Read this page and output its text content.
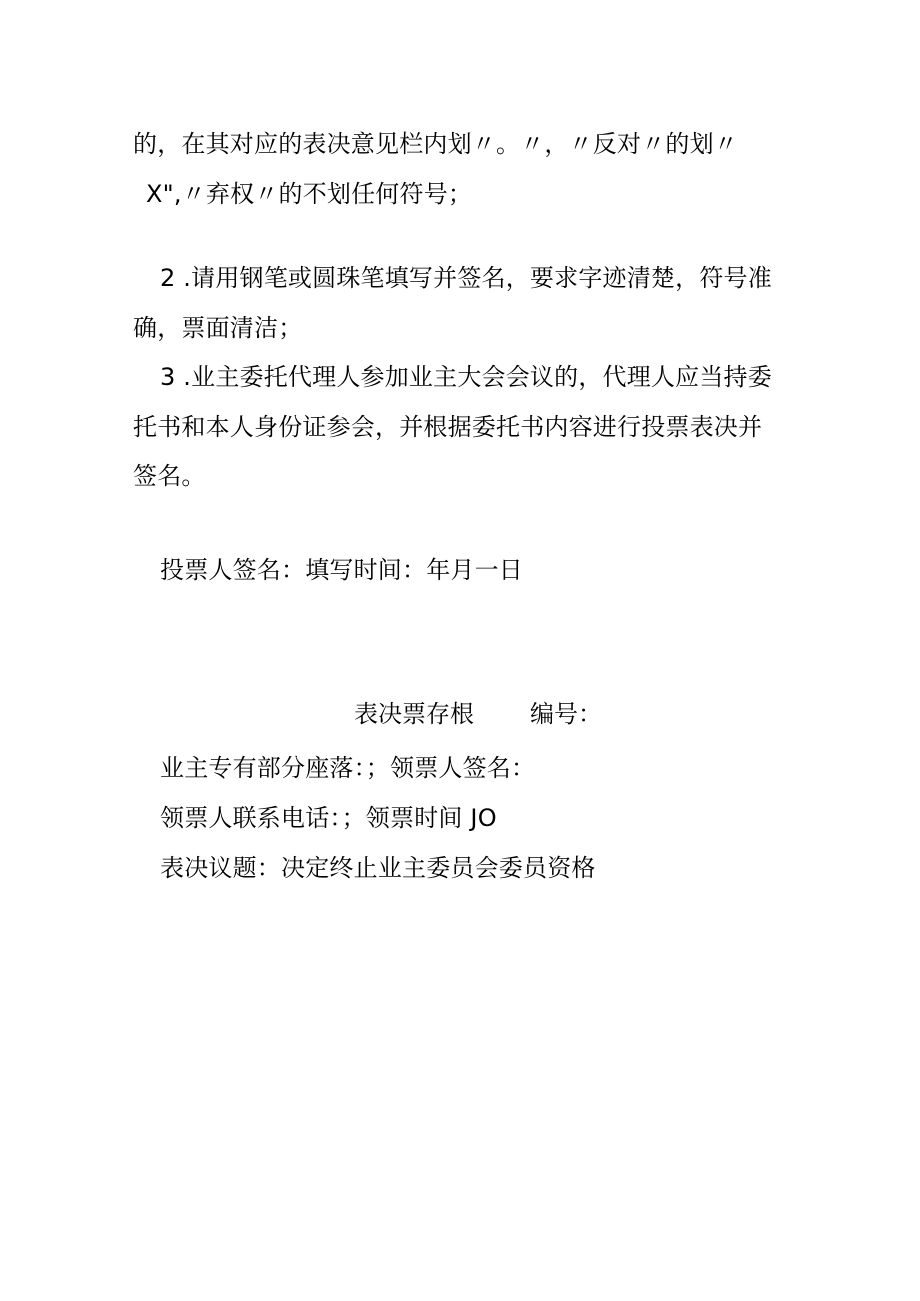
的，在其对应的表决意见栏内划〃。〃，〃反对〃的划〃
X",〃弃权〃的不划任何符号；
2 .请用钢笔或圆珠笔填写并签名，要求字迹清楚，符号准
确，票面清洁；
3 .业主委托代理人参加业主大会会议的，代理人应当持委
托书和本人身份证参会，并根据委托书内容进行投票表决并
签名。
投票人签名：填写时间：年月一日
表决票存根 编号：
业主专有部分座落：；领票人签名：
领票人联系电话：；领票时间 JO
表决议题：决定终止业主委员会委员资格
